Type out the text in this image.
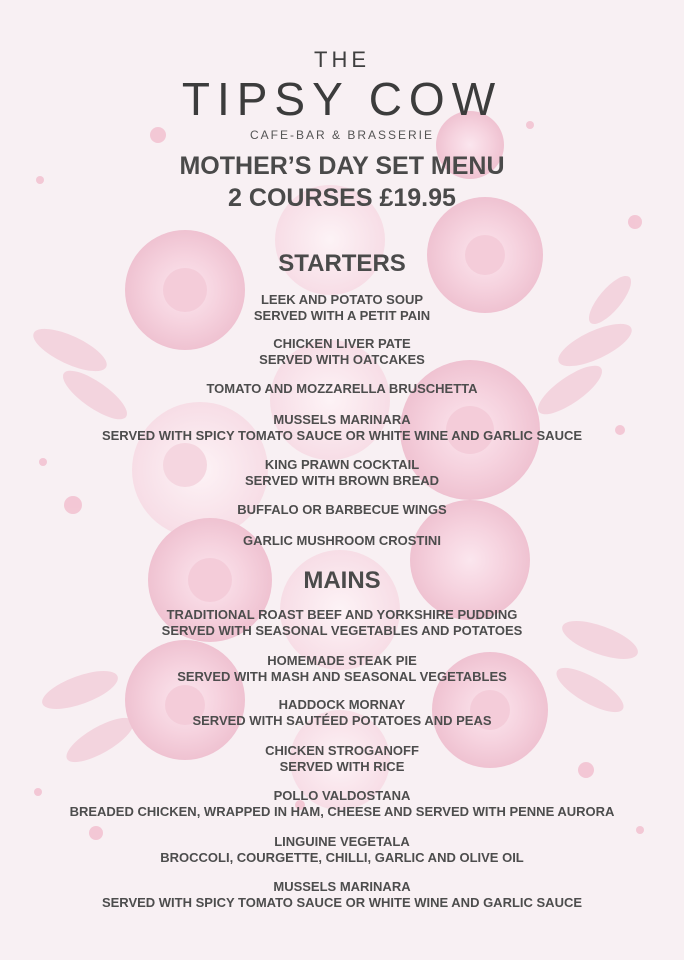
THE
TIPSY COW
CAFE-BAR & BRASSERIE
MOTHER’S DAY SET MENU
2 COURSES £19.95
STARTERS
LEEK AND POTATO SOUP
SERVED WITH A PETIT PAIN
CHICKEN LIVER PATE
SERVED WITH OATCAKES
TOMATO AND MOZZARELLA BRUSCHETTA
MUSSELS MARINARA
SERVED WITH SPICY TOMATO SAUCE OR WHITE WINE AND GARLIC SAUCE
KING PRAWN COCKTAIL
SERVED WITH BROWN BREAD
BUFFALO OR BARBECUE WINGS
GARLIC MUSHROOM CROSTINI
MAINS
TRADITIONAL ROAST BEEF AND YORKSHIRE PUDDING
SERVED WITH SEASONAL VEGETABLES AND POTATOES
HOMEMADE STEAK PIE
SERVED WITH MASH AND SEASONAL VEGETABLES
HADDOCK MORNAY
SERVED WITH SAUTÉED POTATOES AND PEAS
CHICKEN STROGANOFF
SERVED WITH RICE
POLLO VALDOSTANA
BREADED CHICKEN, WRAPPED IN HAM, CHEESE AND SERVED WITH PENNE AURORA
LINGUINE VEGETALA
BROCCOLI, COURGETTE, CHILLI, GARLIC AND OLIVE OIL
MUSSELS MARINARA
SERVED WITH SPICY TOMATO SAUCE OR WHITE WINE AND GARLIC SAUCE
